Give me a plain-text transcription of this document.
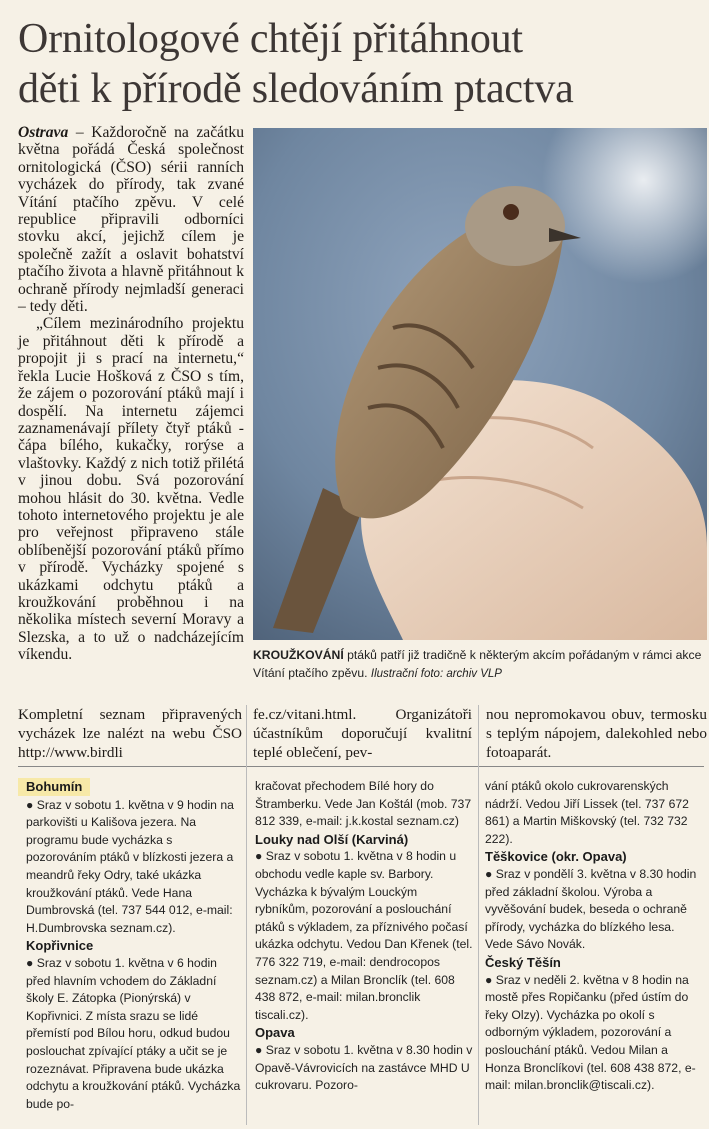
Ornitologové chtějí přitáhnout
děti k přírodě sledováním ptactva

Ostrava – Každoročně na začátku května pořádá Česká společnost ornitologická (ČSO) sérii ranních vycházek do přírody, tak zvané Vítání ptačího zpěvu. V celé republice připravili odborníci stovku akcí, jejichž cílem je společně zažít a oslavit bohatství ptačího života a hlavně přitáhnout k ochraně přírody nejmladší generaci – tedy děti.

„Cílem mezinárodního projektu je přitáhnout děti k přírodě a propojit ji s prací na internetu,“ řekla Lucie Hošková z ČSO s tím, že zájem o pozorování ptáků mají i dospělí. Na internetu zájemci zaznamenávají přílety čtyř ptáků - čápa bílého, kukačky, rorýse a vlaštovky. Každý z nich totiž přilétá v jinou dobu. Svá pozorování mohou hlásit do 30. května. Vedle tohoto internetového projektu je ale pro veřejnost připraveno stále oblíbenější pozorování ptáků přímo v přírodě. Vycházky spojené s ukázkami odchytu ptáků a kroužkování proběhnou i na několika místech severní Moravy a Slezska, a to už o nadcházejícím víkendu.	KROUŽKOVÁNÍ ptáků patří již tradičně k některým akcím pořádaným v rámci akce Vítání ptačího zpěvu. Ilustrační foto: archiv VLP
Kompletní seznam připravených vycházek lze nalézt na webu ČSO http://www.birdli
fe.cz/vitani.html. Organizátoři účastníkům doporučují kvalitní teplé oblečení, pev-
nou nepromokavou obuv, termosku s teplým nápojem, dalekohled nebo fotoaparát.
Bohumín

● Sraz v sobotu 1. května v 9 hodin na parkovišti u Kališova jezera. Na programu bude vycházka s pozorováním ptáků v blízkosti jezera a meandrů řeky Odry, také ukázka kroužkování ptáků. Vede Hana Dumbrovská (tel. 737 544 012, e-mail: H.Dumbrovska seznam.cz).

Kopřivnice

● Sraz v sobotu 1. května v 6 hodin před hlavním vchodem do Základní školy E. Zátopka (Pionýrská) v Kopřivnici. Z místa srazu se lidé přemístí pod Bílou horu, odkud budou poslouchat zpívající ptáky a učit se je rozeznávat. Připravena bude ukázka odchytu a kroužkování ptáků. Vycházka bude po-

kračovat přechodem Bílé hory do Štramberku. Vede Jan Koštál (mob. 737 812 339, e-mail: j.k.kostal seznam.cz)

Louky nad Olší (Karviná)

● Sraz v sobotu 1. května v 8 hodin u obchodu vedle kaple sv. Barbory. Vycházka k bývalým Louckým rybníkům, pozorování a poslouchání ptáků s výkladem, za příznivého počasí ukázka odchytu. Vedou Dan Křenek (tel. 776 322 719, e-mail: dendrocopos seznam.cz) a Milan Bronclík (tel. 608 438 872, e-mail: milan.bronclik tiscali.cz).

Opava

● Sraz v sobotu 1. května v 8.30 hodin v Opavě-Vávrovicích na zastávce MHD U cukrovaru. Pozoro-

vání ptáků okolo cukrovarenských nádrží. Vedou Jiří Lissek (tel. 737 672 861) a Martin Miškovský (tel. 732 732 222).

Těškovice (okr. Opava)

● Sraz v pondělí 3. května v 8.30 hodin před základní školou. Výroba a vyvěšování budek, beseda o ochraně přírody, vycházka do blízkého lesa. Vede Sávo Novák.

Český Těšín

● Sraz v neděli 2. května v 8 hodin na mostě přes Ropičanku (před ústím do řeky Olzy). Vycházka po okolí s odborným výkladem, pozorování a poslouchání ptáků. Vedou Milan a Honza Bronclíkovi (tel. 608 438 872, e-mail: milan.bronclik@tiscali.cz).
